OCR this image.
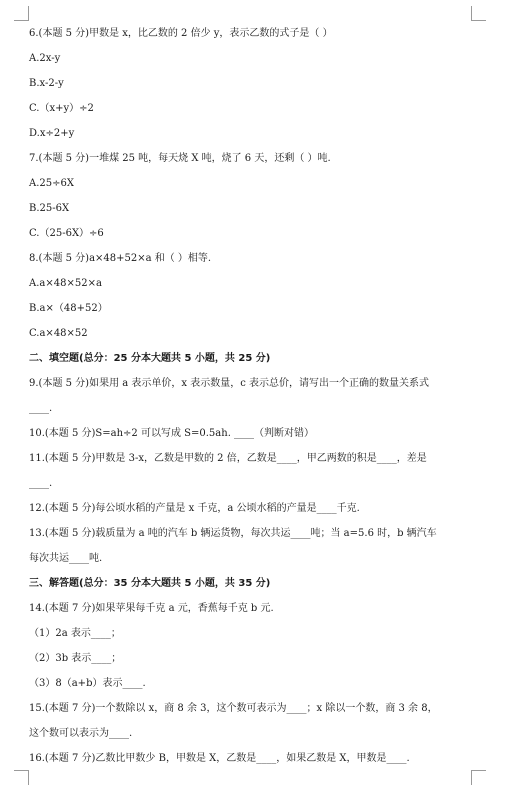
6.(本题 5 分)甲数是 x，比乙数的 2 倍少 y，表示乙数的式子是（ ）
A.2x-y
B.x-2-y
C.（x+y）÷2
D.x÷2+y
7.(本题 5 分)一堆煤 25 吨，每天烧 X 吨，烧了 6 天，还剩（ ）吨.
A.25÷6X
B.25-6X
C.（25-6X）÷6
8.(本题 5 分)a×48+52×a 和（ ）相等.
A.a×48×52×a
B.a×（48+52）
C.a×48×52
二、填空题(总分：25 分本大题共 5 小题，共 25 分)
9.(本题 5 分)如果用 a 表示单价，x 表示数量，c 表示总价，请写出一个正确的数量关系式
____.
10.(本题 5 分)S=ah÷2 可以写成 S=0.5ah. ____（判断对错）
11.(本题 5 分)甲数是 3-x，乙数是甲数的 2 倍，乙数是____，甲乙两数的积是____，差是
____.
12.(本题 5 分)每公顷水稻的产量是 x 千克，a 公顷水稻的产量是____千克.
13.(本题 5 分)载质量为 a 吨的汽车 b 辆运货物，每次共运____吨；当 a=5.6 时，b 辆汽车
每次共运____吨.
三、解答题(总分：35 分本大题共 5 小题，共 35 分)
14.(本题 7 分)如果苹果每千克 a 元，香蕉每千克 b 元.
（1）2a 表示____；
（2）3b 表示____；
（3）8（a+b）表示____.
15.(本题 7 分)一个数除以 x，商 8 余 3，这个数可表示为____；x 除以一个数，商 3 余 8，
这个数可以表示为____.
16.(本题 7 分)乙数比甲数少 B，甲数是 X，乙数是____，如果乙数是 X，甲数是____.
